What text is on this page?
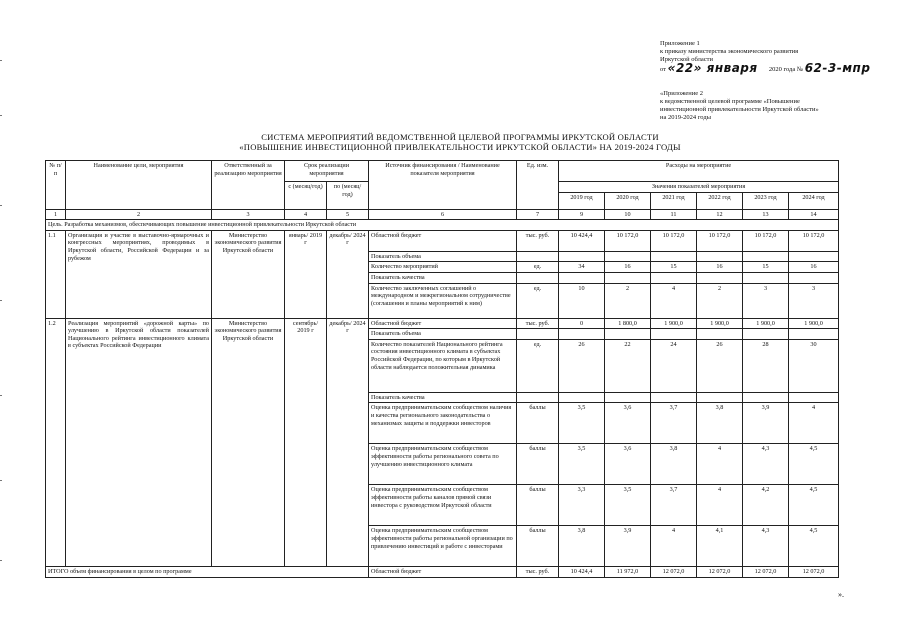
Приложение 1
к приказу министерства экономического развития
Иркутской области
от «22» января 2020 года № 62-3-мпр
«Приложение 2
к ведомственной целевой программе «Повышение
инвестиционной привлекательности Иркутской области»
на 2019-2024 годы
СИСТЕМА МЕРОПРИЯТИЙ ВЕДОМСТВЕННОЙ ЦЕЛЕВОЙ ПРОГРАММЫ ИРКУТСКОЙ ОБЛАСТИ
«ПОВЫШЕНИЕ ИНВЕСТИЦИОННОЙ ПРИВЛЕКАТЕЛЬНОСТИ ИРКУТСКОЙ ОБЛАСТИ» НА 2019-2024 ГОДЫ
№ п/п	Наименование цели, мероприятия	Ответственный за реализацию мероприятия	Срок реализации мероприятия		Источник финансирования / Наименование показателя мероприятия	Ед. изм.	Расходы на мероприятие					
			с (месяц/год)	по (месяц/год)			Значения показателей мероприятия					
							2019 год	2020 год	2021 год	2022 год	2023 год	2024 год
1	2	3	4	5	6	7	9	10	11	12	13	14
Цель. Разработка механизмов, обеспечивающих повышение инвестиционной привлекательности Иркутской области												
1.1	Организация и участие в выставочно-ярмарочных и конгрессных мероприятиях, проводимых в Иркутской области, Российской Федерации и за рубежом	Министерство экономического развития Иркутской области	январь/ 2019 г	декабрь/ 2024 г	Областной бюджет	тыс. руб.	10 424,4	10 172,0	10 172,0	10 172,0	10 172,0	10 172,0
					Показатель объема							
					Количество мероприятий	ед.	34	16	15	16	15	16
					Показатель качества							
					Количество заключенных соглашений о международном и межрегиональном сотрудничестве (соглашения и планы мероприятий к ним)	ед.	10	2	4	2	3	3
1.2	Реализация мероприятий «дорожной карты» по улучшению в Иркутской области показателей Национального рейтинга инвестиционного климата в субъектах Российской Федерации	Министерство экономического развития Иркутской области	сентябрь/ 2019 г	декабрь/ 2024 г	Областной бюджет	тыс. руб.	0	1 800,0	1 900,0	1 900,0	1 900,0	1 900,0
					Показатель объема							
					Количество показателей Национального рейтинга состояния инвестиционного климата в субъектах Российской Федерации, по которым в Иркутской области наблюдается положительная динамика	ед.	26	22	24	26	28	30
					Показатель качества							
					Оценка предпринимательским сообществом наличия и качества регионального законодательства о механизмах защиты и поддержки инвесторов	баллы	3,5	3,6	3,7	3,8	3,9	4
					Оценка предпринимательским сообществом эффективности работы регионального совета по улучшению инвестиционного климата	баллы	3,5	3,6	3,8	4	4,3	4,5
					Оценка предпринимательским сообществом эффективности работы каналов прямой связи инвестора с руководством Иркутской области	баллы	3,3	3,5	3,7	4	4,2	4,5
					Оценка предпринимательским сообществом эффективности работы региональной организации по привлечению инвестиций и работе с инвесторами	баллы	3,8	3,9	4	4,1	4,3	4,5
ИТОГО объем финансирования в целом по программе					Областной бюджет	тыс. руб.	10 424,4	11 972,0	12 072,0	12 072,0	12 072,0	12 072,0
».
